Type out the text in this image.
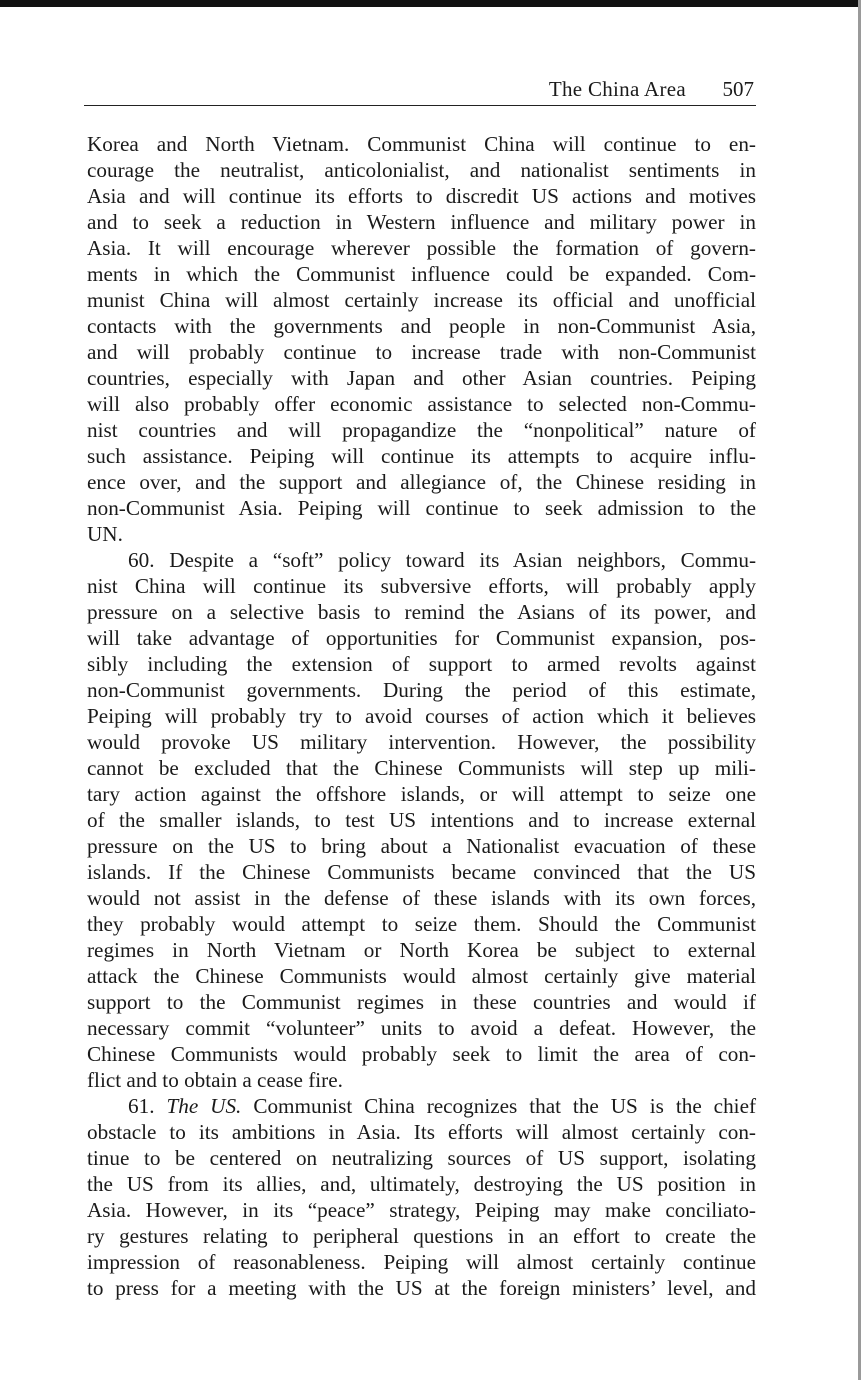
The China Area 507
Korea and North Vietnam. Communist China will continue to en-
courage the neutralist, anticolonialist, and nationalist sentiments in
Asia and will continue its efforts to discredit US actions and motives
and to seek a reduction in Western influence and military power in
Asia. It will encourage wherever possible the formation of govern-
ments in which the Communist influence could be expanded. Com-
munist China will almost certainly increase its official and unofficial
contacts with the governments and people in non-Communist Asia,
and will probably continue to increase trade with non-Communist
countries, especially with Japan and other Asian countries. Peiping
will also probably offer economic assistance to selected non-Commu-
nist countries and will propagandize the “nonpolitical” nature of
such assistance. Peiping will continue its attempts to acquire influ-
ence over, and the support and allegiance of, the Chinese residing in
non-Communist Asia. Peiping will continue to seek admission to the
UN.
60. Despite a “soft” policy toward its Asian neighbors, Commu-
nist China will continue its subversive efforts, will probably apply
pressure on a selective basis to remind the Asians of its power, and
will take advantage of opportunities for Communist expansion, pos-
sibly including the extension of support to armed revolts against
non-Communist governments. During the period of this estimate,
Peiping will probably try to avoid courses of action which it believes
would provoke US military intervention. However, the possibility
cannot be excluded that the Chinese Communists will step up mili-
tary action against the offshore islands, or will attempt to seize one
of the smaller islands, to test US intentions and to increase external
pressure on the US to bring about a Nationalist evacuation of these
islands. If the Chinese Communists became convinced that the US
would not assist in the defense of these islands with its own forces,
they probably would attempt to seize them. Should the Communist
regimes in North Vietnam or North Korea be subject to external
attack the Chinese Communists would almost certainly give material
support to the Communist regimes in these countries and would if
necessary commit “volunteer” units to avoid a defeat. However, the
Chinese Communists would probably seek to limit the area of con-
flict and to obtain a cease fire.
61. The US. Communist China recognizes that the US is the chief
obstacle to its ambitions in Asia. Its efforts will almost certainly con-
tinue to be centered on neutralizing sources of US support, isolating
the US from its allies, and, ultimately, destroying the US position in
Asia. However, in its “peace” strategy, Peiping may make conciliato-
ry gestures relating to peripheral questions in an effort to create the
impression of reasonableness. Peiping will almost certainly continue
to press for a meeting with the US at the foreign ministers’ level, and
